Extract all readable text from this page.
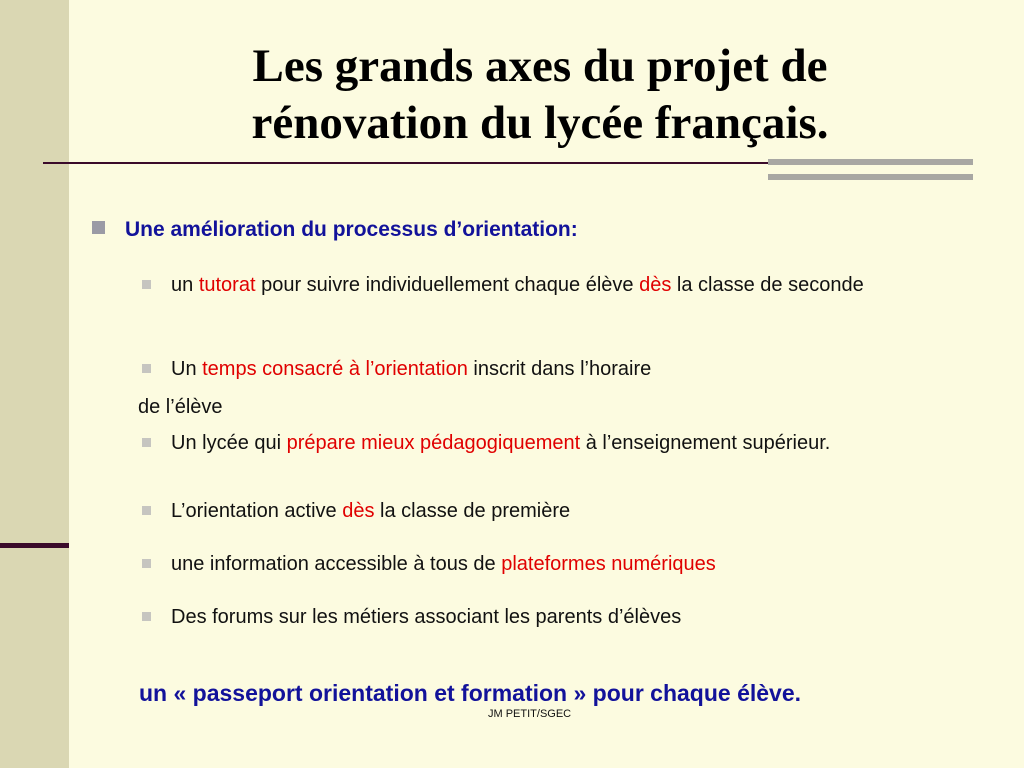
Les grands axes du projet de
rénovation du lycée français.
Une amélioration du processus d’orientation:
un tutorat pour suivre individuellement chaque élève dès la classe de seconde
Un temps consacré à l’orientation inscrit dans l’horaire
de l’élève
Un lycée qui prépare mieux pédagogiquement à l’enseignement supérieur.
L’orientation active dès la classe de première
une information accessible à tous de plateformes numériques
Des forums sur les métiers associant les parents d’élèves
un « passeport orientation et formation » pour chaque élève.
JM PETIT/SGEC
